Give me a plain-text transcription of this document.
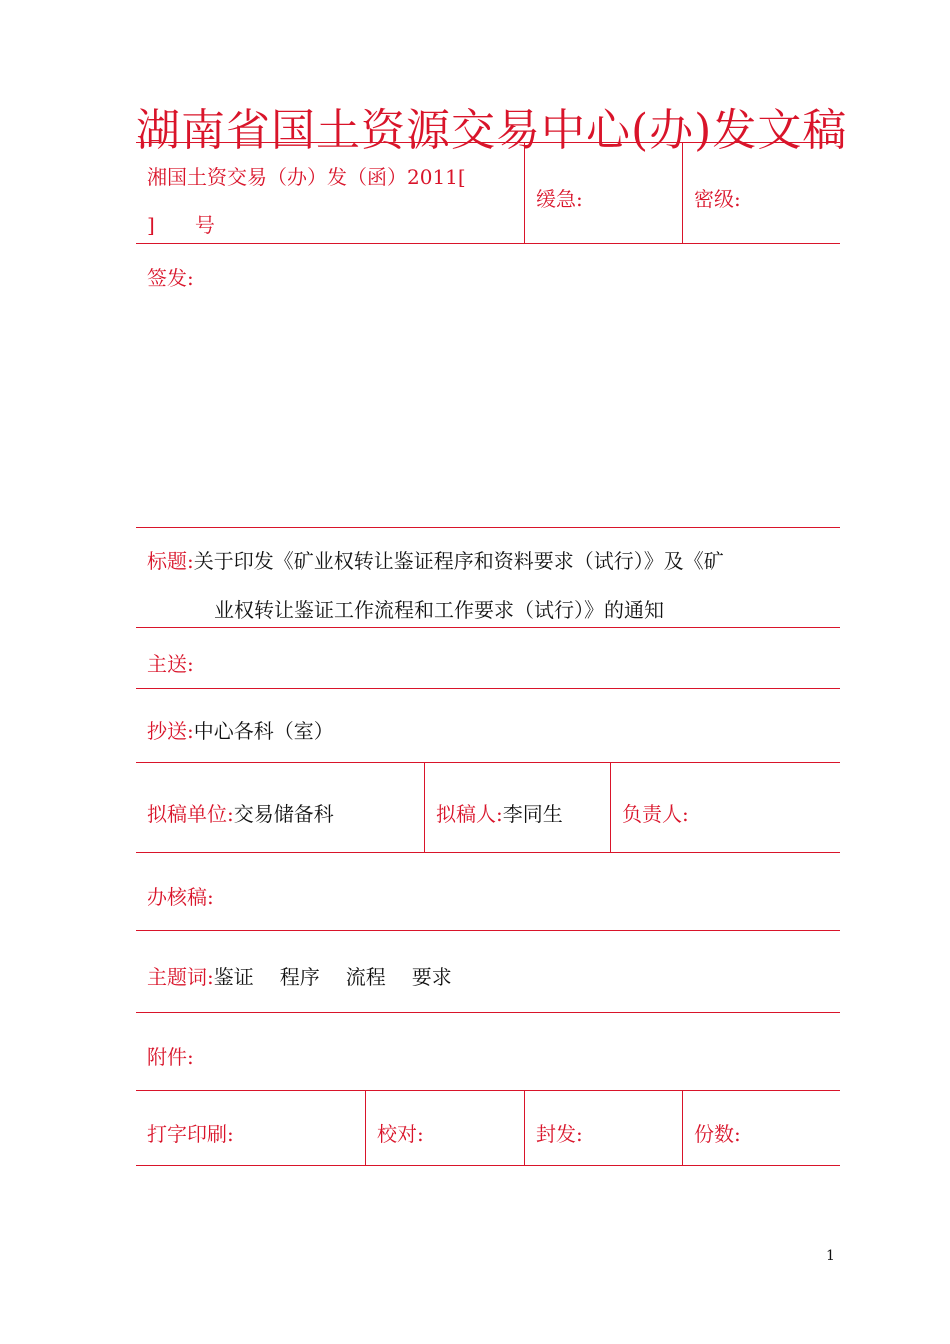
湖南省国土资源交易中心(办)发文稿
湘国土资交易（办）发（函）2011[
] 号
缓急:	密级:
签发:
标题:关于印发《矿业权转让鉴证程序和资料要求（试行）》及《矿
业权转让鉴证工作流程和工作要求（试行）》的通知
主送:
抄送:中心各科（室）
拟稿单位:交易储备科	拟稿人:李同生	负责人:
办核稿:
主题词:鉴证 程序 流程 要求
附件:
打字印刷:	校对:	封发:	份数:
1
